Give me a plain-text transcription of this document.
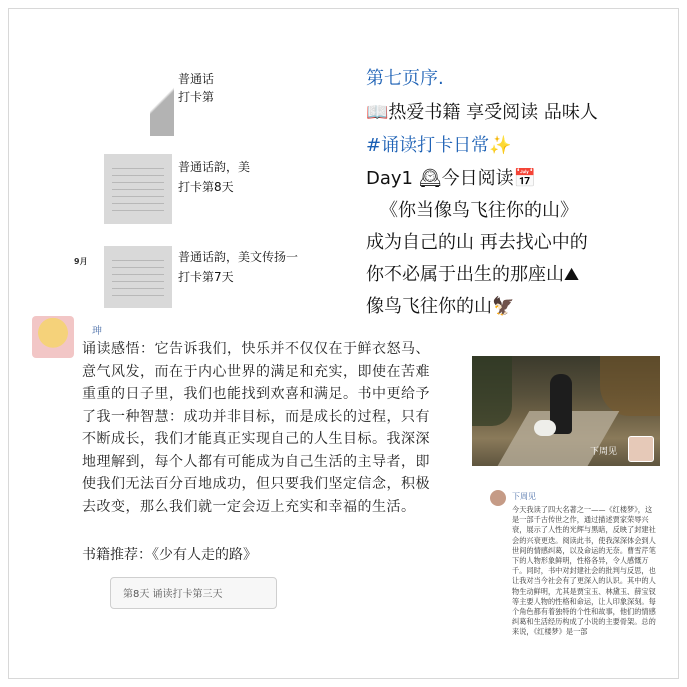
普通话
打卡第
普通话韵，美
打卡第8天
9月	普通话韵，美文传扬一
打卡第7天
第七页序.
📖热爱书籍 享受阅读 品味人
#诵读打卡日常✨
Day1 🕰今日阅读📅
《你当像鸟飞往你的山》
成为自己的山 再去找心中的
你不必属于出生的那座山⛰
像鸟飞往你的山🦅
珅
诵读感悟：它告诉我们，快乐并不仅仅在于鲜衣怒马、意气风发，而在于内心世界的满足和充实，即使在苦难重重的日子里，我们也能找到欢喜和满足。书中更给予了我一种智慧：成功并非目标，而是成长的过程，只有不断成长，我们才能真正实现自己的人生目标。我深深地理解到，每个人都有可能成为自己生活的主导者，即使我们无法百分百地成功，但只要我们坚定信念，积极去改变，那么我们就一定会迈上充实和幸福的生活。
书籍推荐：《少有人走的路》
第8天 诵读打卡第三天
下周见
下周见
今天我读了四大名著之一——《红楼梦》，这是一部千古传世之作，通过描述贾家荣辱兴衰，展示了人性的光辉与黑暗，反映了封建社会的兴衰更迭。阅读此书，使我深深体会到人世间的情感纠葛，以及命运的无奈。曹雪芹笔下的人物形象鲜明，性格各异，令人感慨万千。同时，书中对封建社会的批判与反思，也让我对当今社会有了更深入的认识。其中的人物生动鲜明，尤其是贾宝玉、林黛玉、薛宝钗等主要人物的性格和命运，让人印象深刻。每个角色都有着独特的个性和故事，他们的情感纠葛和生活经历构成了小说的主要骨架。总的来说，《红楼梦》是一部
